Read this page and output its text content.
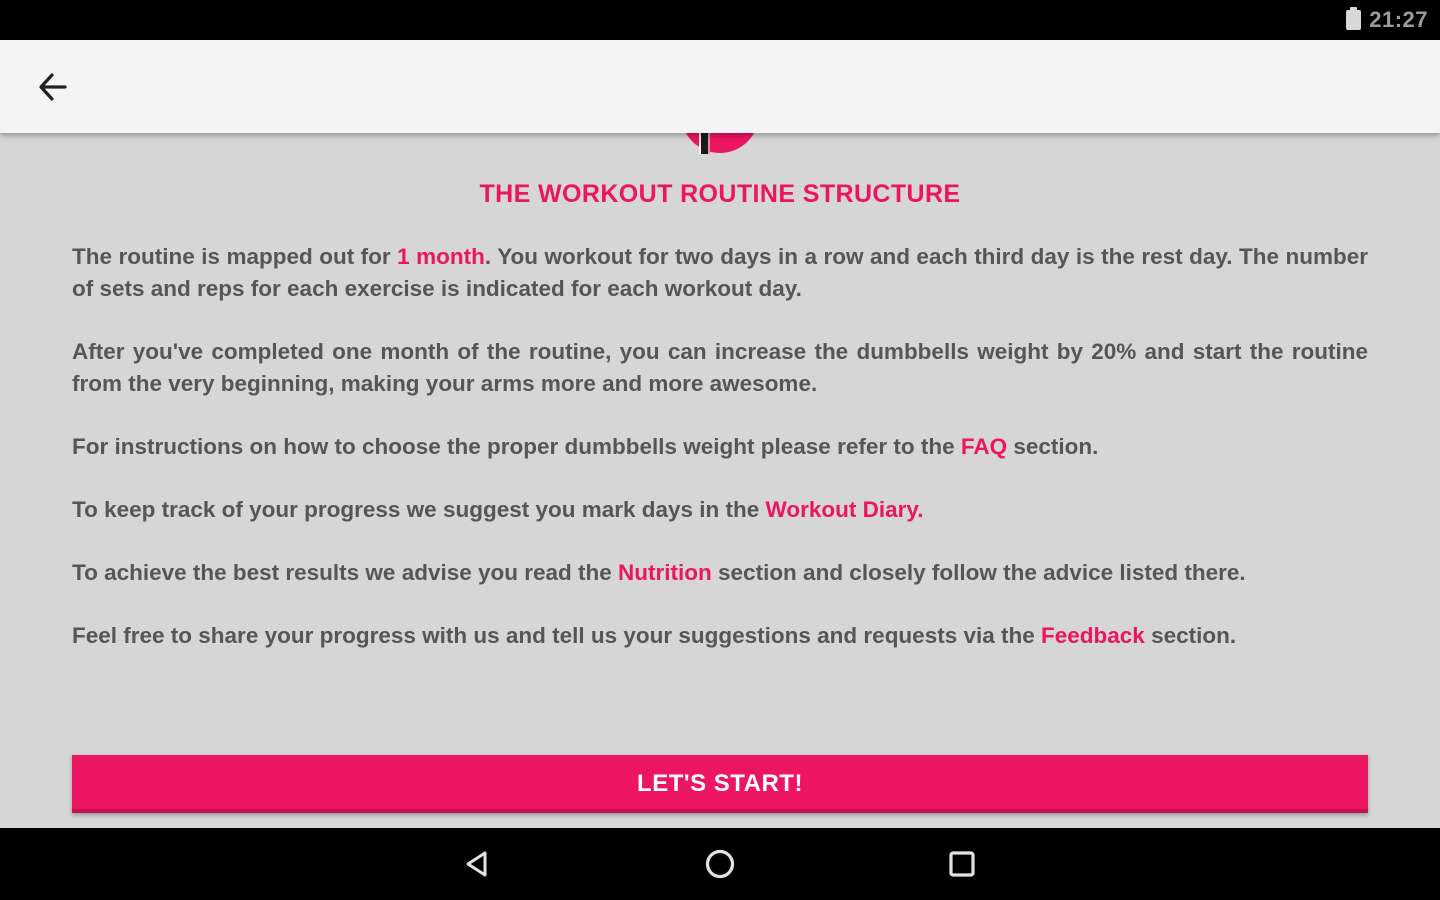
21:27
THE WORKOUT ROUTINE STRUCTURE

The routine is mapped out for 1 month. You workout for two days in a row and each third day is the rest day. The number of sets and reps for each exercise is indicated for each workout day.

After you've completed one month of the routine, you can increase the dumbbells weight by 20% and start the routine from the very beginning, making your arms more and more awesome.

For instructions on how to choose the proper dumbbells weight please refer to the FAQ section.

To keep track of your progress we suggest you mark days in the Workout Diary.

To achieve the best results we advise you read the Nutrition section and closely follow the advice listed there.

Feel free to share your progress with us and tell us your suggestions and requests via the Feedback section.

LET'S START!
